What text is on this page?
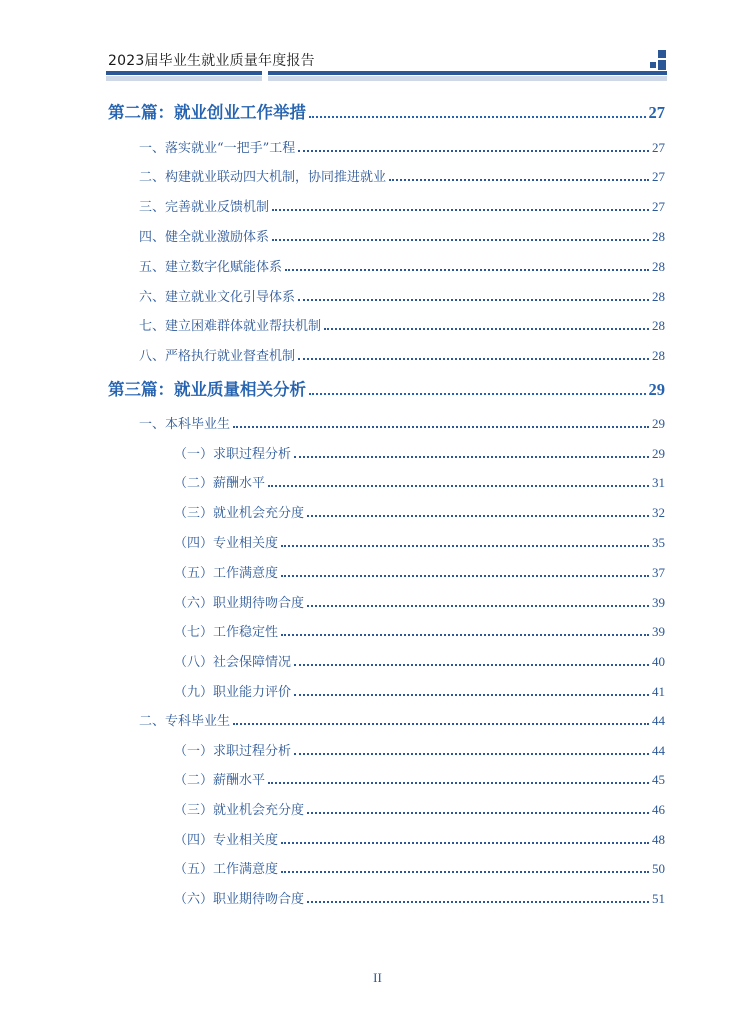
2023届毕业生就业质量年度报告
第二篇：就业创业工作举措	27
一、落实就业“一把手”工程	27
二、构建就业联动四大机制，协同推进就业	27
三、完善就业反馈机制	27
四、健全就业激励体系	28
五、建立数字化赋能体系	28
六、建立就业文化引导体系	28
七、建立困难群体就业帮扶机制	28
八、严格执行就业督查机制	28
第三篇：就业质量相关分析	29
一、本科毕业生	29
（一）求职过程分析	29
（二）薪酬水平	31
（三）就业机会充分度	32
（四）专业相关度	35
（五）工作满意度	37
（六）职业期待吻合度	39
（七）工作稳定性	39
（八）社会保障情况	40
（九）职业能力评价	41
二、专科毕业生	44
（一）求职过程分析	44
（二）薪酬水平	45
（三）就业机会充分度	46
（四）专业相关度	48
（五）工作满意度	50
（六）职业期待吻合度	51
II
